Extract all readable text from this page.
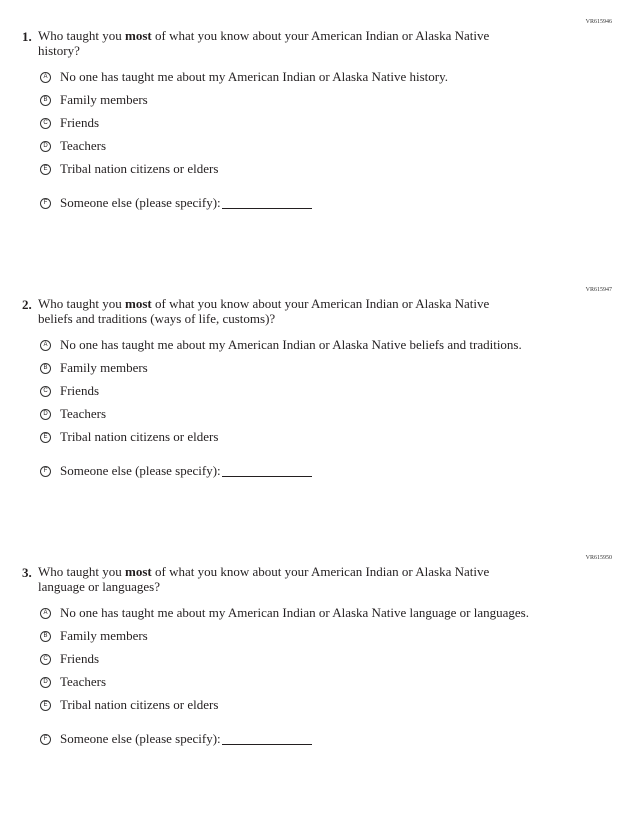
VR615946
1. Who taught you most of what you know about your American Indian or Alaska Native history?
A No one has taught me about my American Indian or Alaska Native history.
B Family members
C Friends
D Teachers
E Tribal nation citizens or elders
F Someone else (please specify):
VR615947
2. Who taught you most of what you know about your American Indian or Alaska Native beliefs and traditions (ways of life, customs)?
A No one has taught me about my American Indian or Alaska Native beliefs and traditions.
B Family members
C Friends
D Teachers
E Tribal nation citizens or elders
F Someone else (please specify):
VR615950
3. Who taught you most of what you know about your American Indian or Alaska Native language or languages?
A No one has taught me about my American Indian or Alaska Native language or languages.
B Family members
C Friends
D Teachers
E Tribal nation citizens or elders
F Someone else (please specify):
